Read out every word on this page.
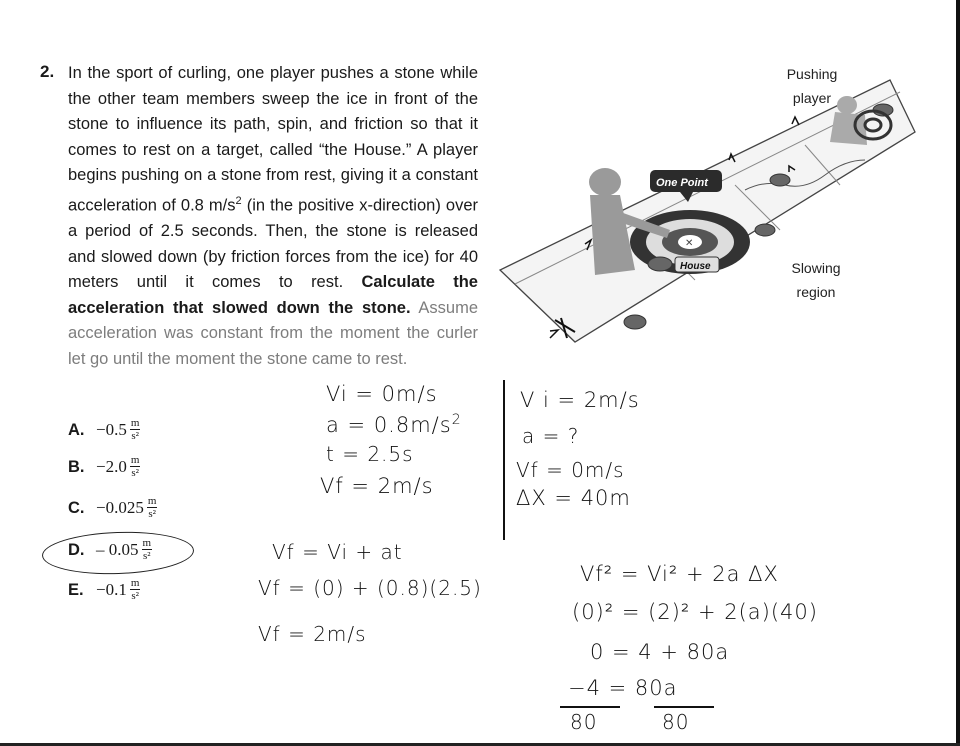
2. In the sport of curling, one player pushes a stone while the other team members sweep the ice in front of the stone to influence its path, spin, and friction so that it comes to rest on a target, called “the House.” A player begins pushing on a stone from rest, giving it a constant acceleration of 0.8 $m/s^2$ (in the positive x-direction) over a period of 2.5 seconds. Then, the stone is released and slowed down (by friction forces from the ice) for 40 meters until it comes to rest. Calculate the acceleration that slowed down the stone. Assume acceleration was constant from the moment the curler let go until the moment the stone came to rest.
A. $-0.5 \frac{m}{\text{s²}}$
B. $-2.0 \frac{m}{\text{s²}}$
C. $-0.025 \frac{m}{\text{s²}}$
D. – $0.05 \frac{m}{\text{s²}}$
E. $-0.1 \frac{m}{\text{s²}}$
✕
One Point
House
Pushing
player
Slowing
region
Vi = 0m/s
$a = 0.8m/s^2$
t = 2.5s
Vf = 2m/s
V i = 2m/s
a = ?
Vf = 0m/s
ΔX = 40m
Vf = Vi + at
Vf = (0) + (0.8)(2.5)
Vf = 2m/s
Vf² = Vi² + 2a ΔX
(0)² = (2)² + 2(a)(40)
0 = 4 + 80a
−4 = 80a
80	80
